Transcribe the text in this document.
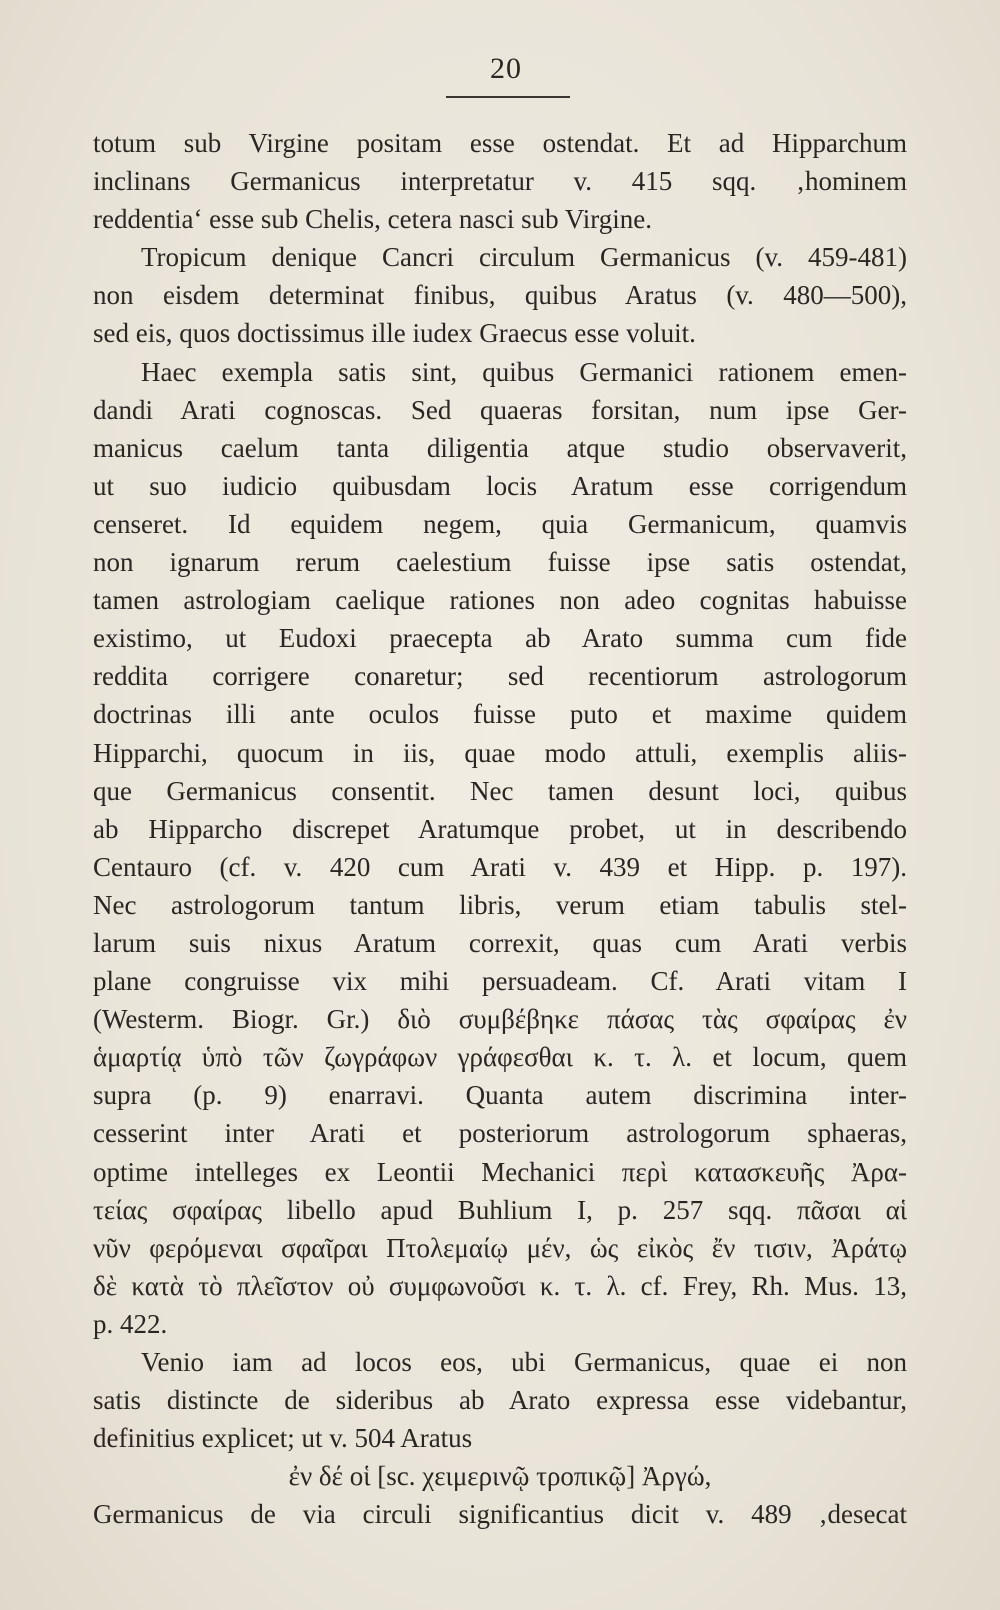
20
totum sub Virgine positam esse ostendat. Et ad Hipparchum
inclinans Germanicus interpretatur v. 415 sqq. ‚hominem
reddentia‘ esse sub Chelis, cetera nasci sub Virgine.
Tropicum denique Cancri circulum Germanicus (v. 459-481)
non eisdem determinat finibus, quibus Aratus (v. 480—500),
sed eis, quos doctissimus ille iudex Graecus esse voluit.
Haec exempla satis sint, quibus Germanici rationem emen-
dandi Arati cognoscas. Sed quaeras forsitan, num ipse Ger-
manicus caelum tanta diligentia atque studio observaverit,
ut suo iudicio quibusdam locis Aratum esse corrigendum
censeret. Id equidem negem, quia Germanicum, quamvis
non ignarum rerum caelestium fuisse ipse satis ostendat,
tamen astrologiam caelique rationes non adeo cognitas habuisse
existimo, ut Eudoxi praecepta ab Arato summa cum fide
reddita corrigere conaretur; sed recentiorum astrologorum
doctrinas illi ante oculos fuisse puto et maxime quidem
Hipparchi, quocum in iis, quae modo attuli, exemplis aliis-
que Germanicus consentit. Nec tamen desunt loci, quibus
ab Hipparcho discrepet Aratumque probet, ut in describendo
Centauro (cf. v. 420 cum Arati v. 439 et Hipp. p. 197).
Nec astrologorum tantum libris, verum etiam tabulis stel-
larum suis nixus Aratum correxit, quas cum Arati verbis
plane congruisse vix mihi persuadeam. Cf. Arati vitam I
(Westerm. Biogr. Gr.) διὸ συμβέβηκε πάσας τὰς σφαίρας ἐν
ἁμαρτίᾳ ὑπὸ τῶν ζωγράφων γράφεσθαι κ. τ. λ. et locum, quem
supra (p. 9) enarravi. Quanta autem discrimina inter-
cesserint inter Arati et posteriorum astrologorum sphaeras,
optime intelleges ex Leontii Mechanici περὶ κατασκευῆς Ἀρα-
τείας σφαίρας libello apud Buhlium I, p. 257 sqq. πᾶσαι αἱ
νῦν φερόμεναι σφαῖραι Πτολεμαίῳ μέν, ὡς εἰκὸς ἔν τισιν, Ἀράτῳ
δὲ κατὰ τὸ πλεῖστον οὐ συμφωνοῦσι κ. τ. λ. cf. Frey, Rh. Mus. 13,
p. 422.
Venio iam ad locos eos, ubi Germanicus, quae ei non
satis distincte de sideribus ab Arato expressa esse videbantur,
definitius explicet; ut v. 504 Aratus
ἐν δέ οἱ [sc. χειμερινῷ τροπικῷ] Ἀργώ,
Germanicus de via circuli significantius dicit v. 489 ‚desecat
